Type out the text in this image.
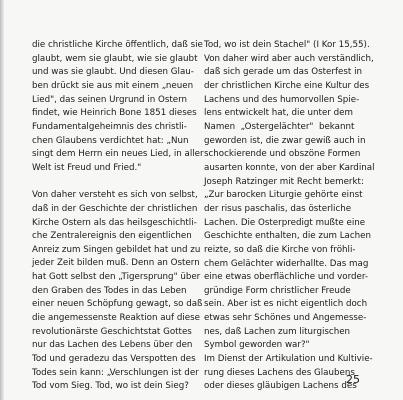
die christliche Kirche öffentlich, daß sie
glaubt, wem sie glaubt, wie sie glaubt
und was sie glaubt. Und diesen Glau-
ben drückt sie aus mit einem „neuen
Lied", das seinen Urgrund in Ostern
findet, wie Heinrich Bone 1851 dieses
Fundamentalgeheimnis des christli-
chen Glaubens verdichtet hat: „Nun
singt dem Herrn ein neues Lied, in aller
Welt ist Freud und Fried."
Von daher versteht es sich von selbst,
daß in der Geschichte der christlichen
Kirche Ostern als das heilsgeschichtli-
che Zentralereignis den eigentlichen
Anreiz zum Singen gebildet hat und zu
jeder Zeit bilden muß. Denn an Ostern
hat Gott selbst den „Tigersprung" über
den Graben des Todes in das Leben
einer neuen Schöpfung gewagt, so daß
die angemessenste Reaktion auf diese
revolutionärste Geschichtstat Gottes
nur das Lachen des Lebens über den
Tod und geradezu das Verspotten des
Todes sein kann: „Verschlungen ist der
Tod vom Sieg. Tod, wo ist dein Sieg?
Tod, wo ist dein Stachel" (I Kor 15,55).
Von daher wird aber auch verständlich,
daß sich gerade um das Osterfest in
der christlichen Kirche eine Kultur des
Lachens und des humorvollen Spie-
lens entwickelt hat, die unter dem
Namen  „Ostergelächter"  bekannt
geworden ist, die zwar gewiß auch in
schockierende und obszöne Formen
ausarten konnte, von der aber Kardinal
Joseph Ratzinger mit Recht bemerkt:
„Zur barocken Liturgie gehörte einst
der risus paschalis, das österliche
Lachen. Die Osterpredigt mußte eine
Geschichte enthalten, die zum Lachen
reizte, so daß die Kirche von fröhli-
chem Gelächter widerhallte. Das mag
eine etwas oberflächliche und vorder-
gründige Form christlicher Freude
sein. Aber ist es nicht eigentlich doch
etwas sehr Schönes und Angemesse-
nes, daß Lachen zum liturgischen
Symbol geworden war?"
Im Dienst der Artikulation und Kultivie-
rung dieses Lachens des Glaubens
oder dieses gläubigen Lachens des
25
